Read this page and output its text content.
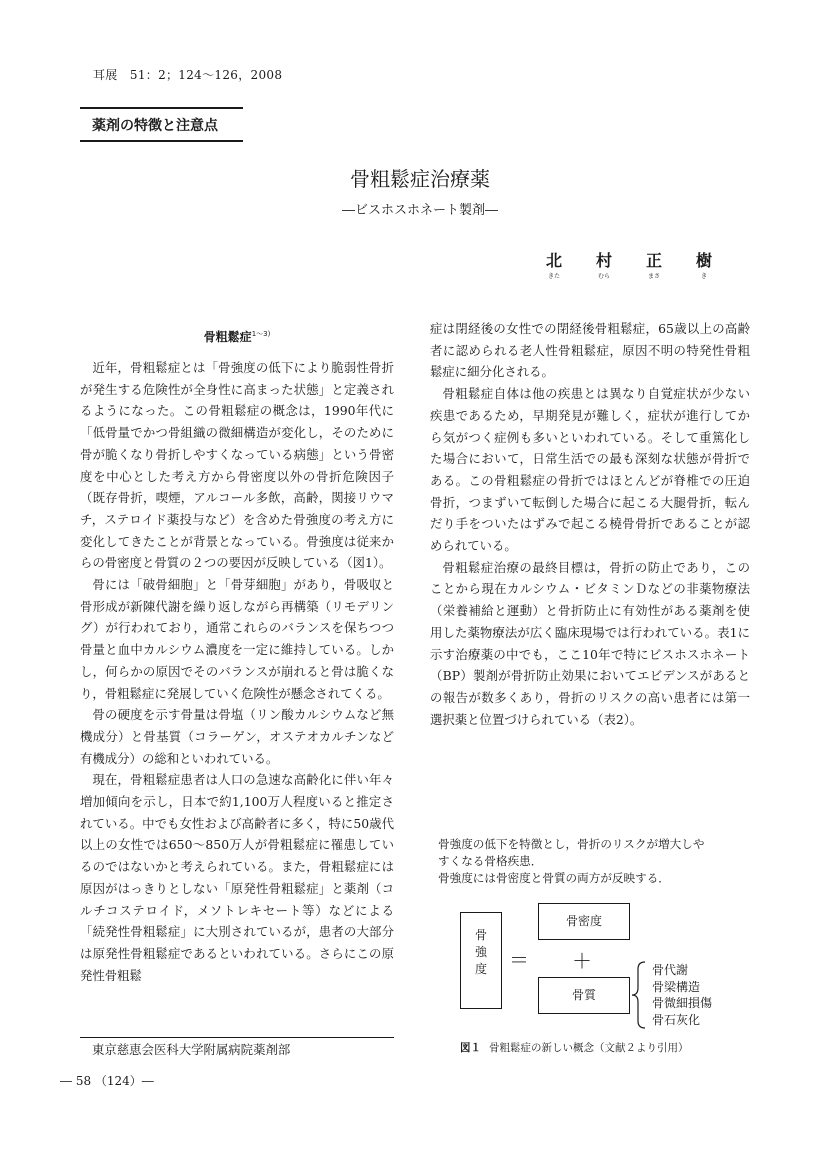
耳展　51：2；124～126，2008
薬剤の特徴と注意点
骨粗鬆症治療薬
―ビスホスホネート製剤―
北	村	正	樹
きた	むら	まさ	き
骨粗鬆症$^{1\sim 3)}$

近年，骨粗鬆症とは「骨強度の低下により脆弱性骨折が発生する危険性が全身性に高まった状態」と定義されるようになった。この骨粗鬆症の概念は，1990年代に「低骨量でかつ骨組織の微細構造が変化し，そのために骨が脆くなり骨折しやすくなっている病態」という骨密度を中心とした考え方から骨密度以外の骨折危険因子（既存骨折，喫煙，アルコール多飲，高齢，関接リウマチ，ステロイド薬投与など）を含めた骨強度の考え方に変化してきたことが背景となっている。骨強度は従来からの骨密度と骨質の２つの要因が反映している（図1）。

骨には「破骨細胞」と「骨芽細胞」があり，骨吸収と骨形成が新陳代謝を繰り返しながら再構築（リモデリング）が行われており，通常これらのバランスを保ちつつ骨量と血中カルシウム濃度を一定に維持している。しかし，何らかの原因でそのバランスが崩れると骨は脆くなり，骨粗鬆症に発展していく危険性が懸念されてくる。

骨の硬度を示す骨量は骨塩（リン酸カルシウムなど無機成分）と骨基質（コラーゲン，オステオカルチンなど有機成分）の総和といわれている。

現在，骨粗鬆症患者は人口の急速な高齢化に伴い年々増加傾向を示し，日本で約1,100万人程度いると推定されている。中でも女性および高齢者に多く，特に50歳代以上の女性では650～850万人が骨粗鬆症に罹患しているのではないかと考えられている。また，骨粗鬆症には原因がはっきりとしない「原発性骨粗鬆症」と薬剤（コルチコステロイド，メソトレキセート等）などによる「続発性骨粗鬆症」に大別されているが，患者の大部分は原発性骨粗鬆症であるといわれている。さらにこの原発性骨粗鬆

症は閉経後の女性での閉経後骨粗鬆症，65歳以上の高齢者に認められる老人性骨粗鬆症，原因不明の特発性骨粗鬆症に細分化される。

骨粗鬆症自体は他の疾患とは異なり自覚症状が少ない疾患であるため，早期発見が難しく，症状が進行してから気がつく症例も多いといわれている。そして重篤化した場合において，日常生活での最も深刻な状態が骨折である。この骨粗鬆症の骨折ではほとんどが脊椎での圧迫骨折，つまずいて転倒した場合に起こる大腿骨折，転んだり手をついたはずみで起こる橈骨骨折であることが認められている。

骨粗鬆症治療の最終目標は，骨折の防止であり，このことから現在カルシウム・ビタミンＤなどの非薬物療法（栄養補給と運動）と骨折防止に有効性がある薬剤を使用した薬物療法が広く臨床現場では行われている。表1に示す治療薬の中でも，ここ10年で特にビスホスホネート（BP）製剤が骨折防止効果においてエビデンスがあるとの報告が数多くあり，骨折のリスクの高い患者には第一選択薬と位置づけられている（表2）。

東京慈恵会医科大学附属病院薬剤部
― 58 （124）―
骨強度の低下を特徴とし，骨折のリスクが増大しや
すくなる骨格疾患．
骨強度には骨密度と骨質の両方が反映する．
骨
強
度	＝
骨密度
＋
骨質
骨代謝
骨梁構造
骨微細損傷
骨石灰化
図１ 骨粗鬆症の新しい概念（文献２より引用）
